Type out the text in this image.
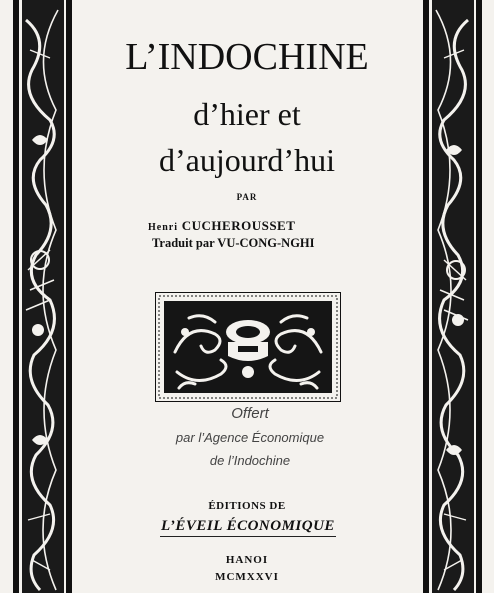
L’INDOCHINE
d’hier et
d’aujourd’hui
PAR
Henri CUCHEROUSSET
Traduit par VU-CONG-NGHI
Offert
par l’Agence Économique
de l’Indochine
ÉDITIONS DE
L’ÉVEIL ÉCONOMIQUE
HANOI
MCMXXVI
